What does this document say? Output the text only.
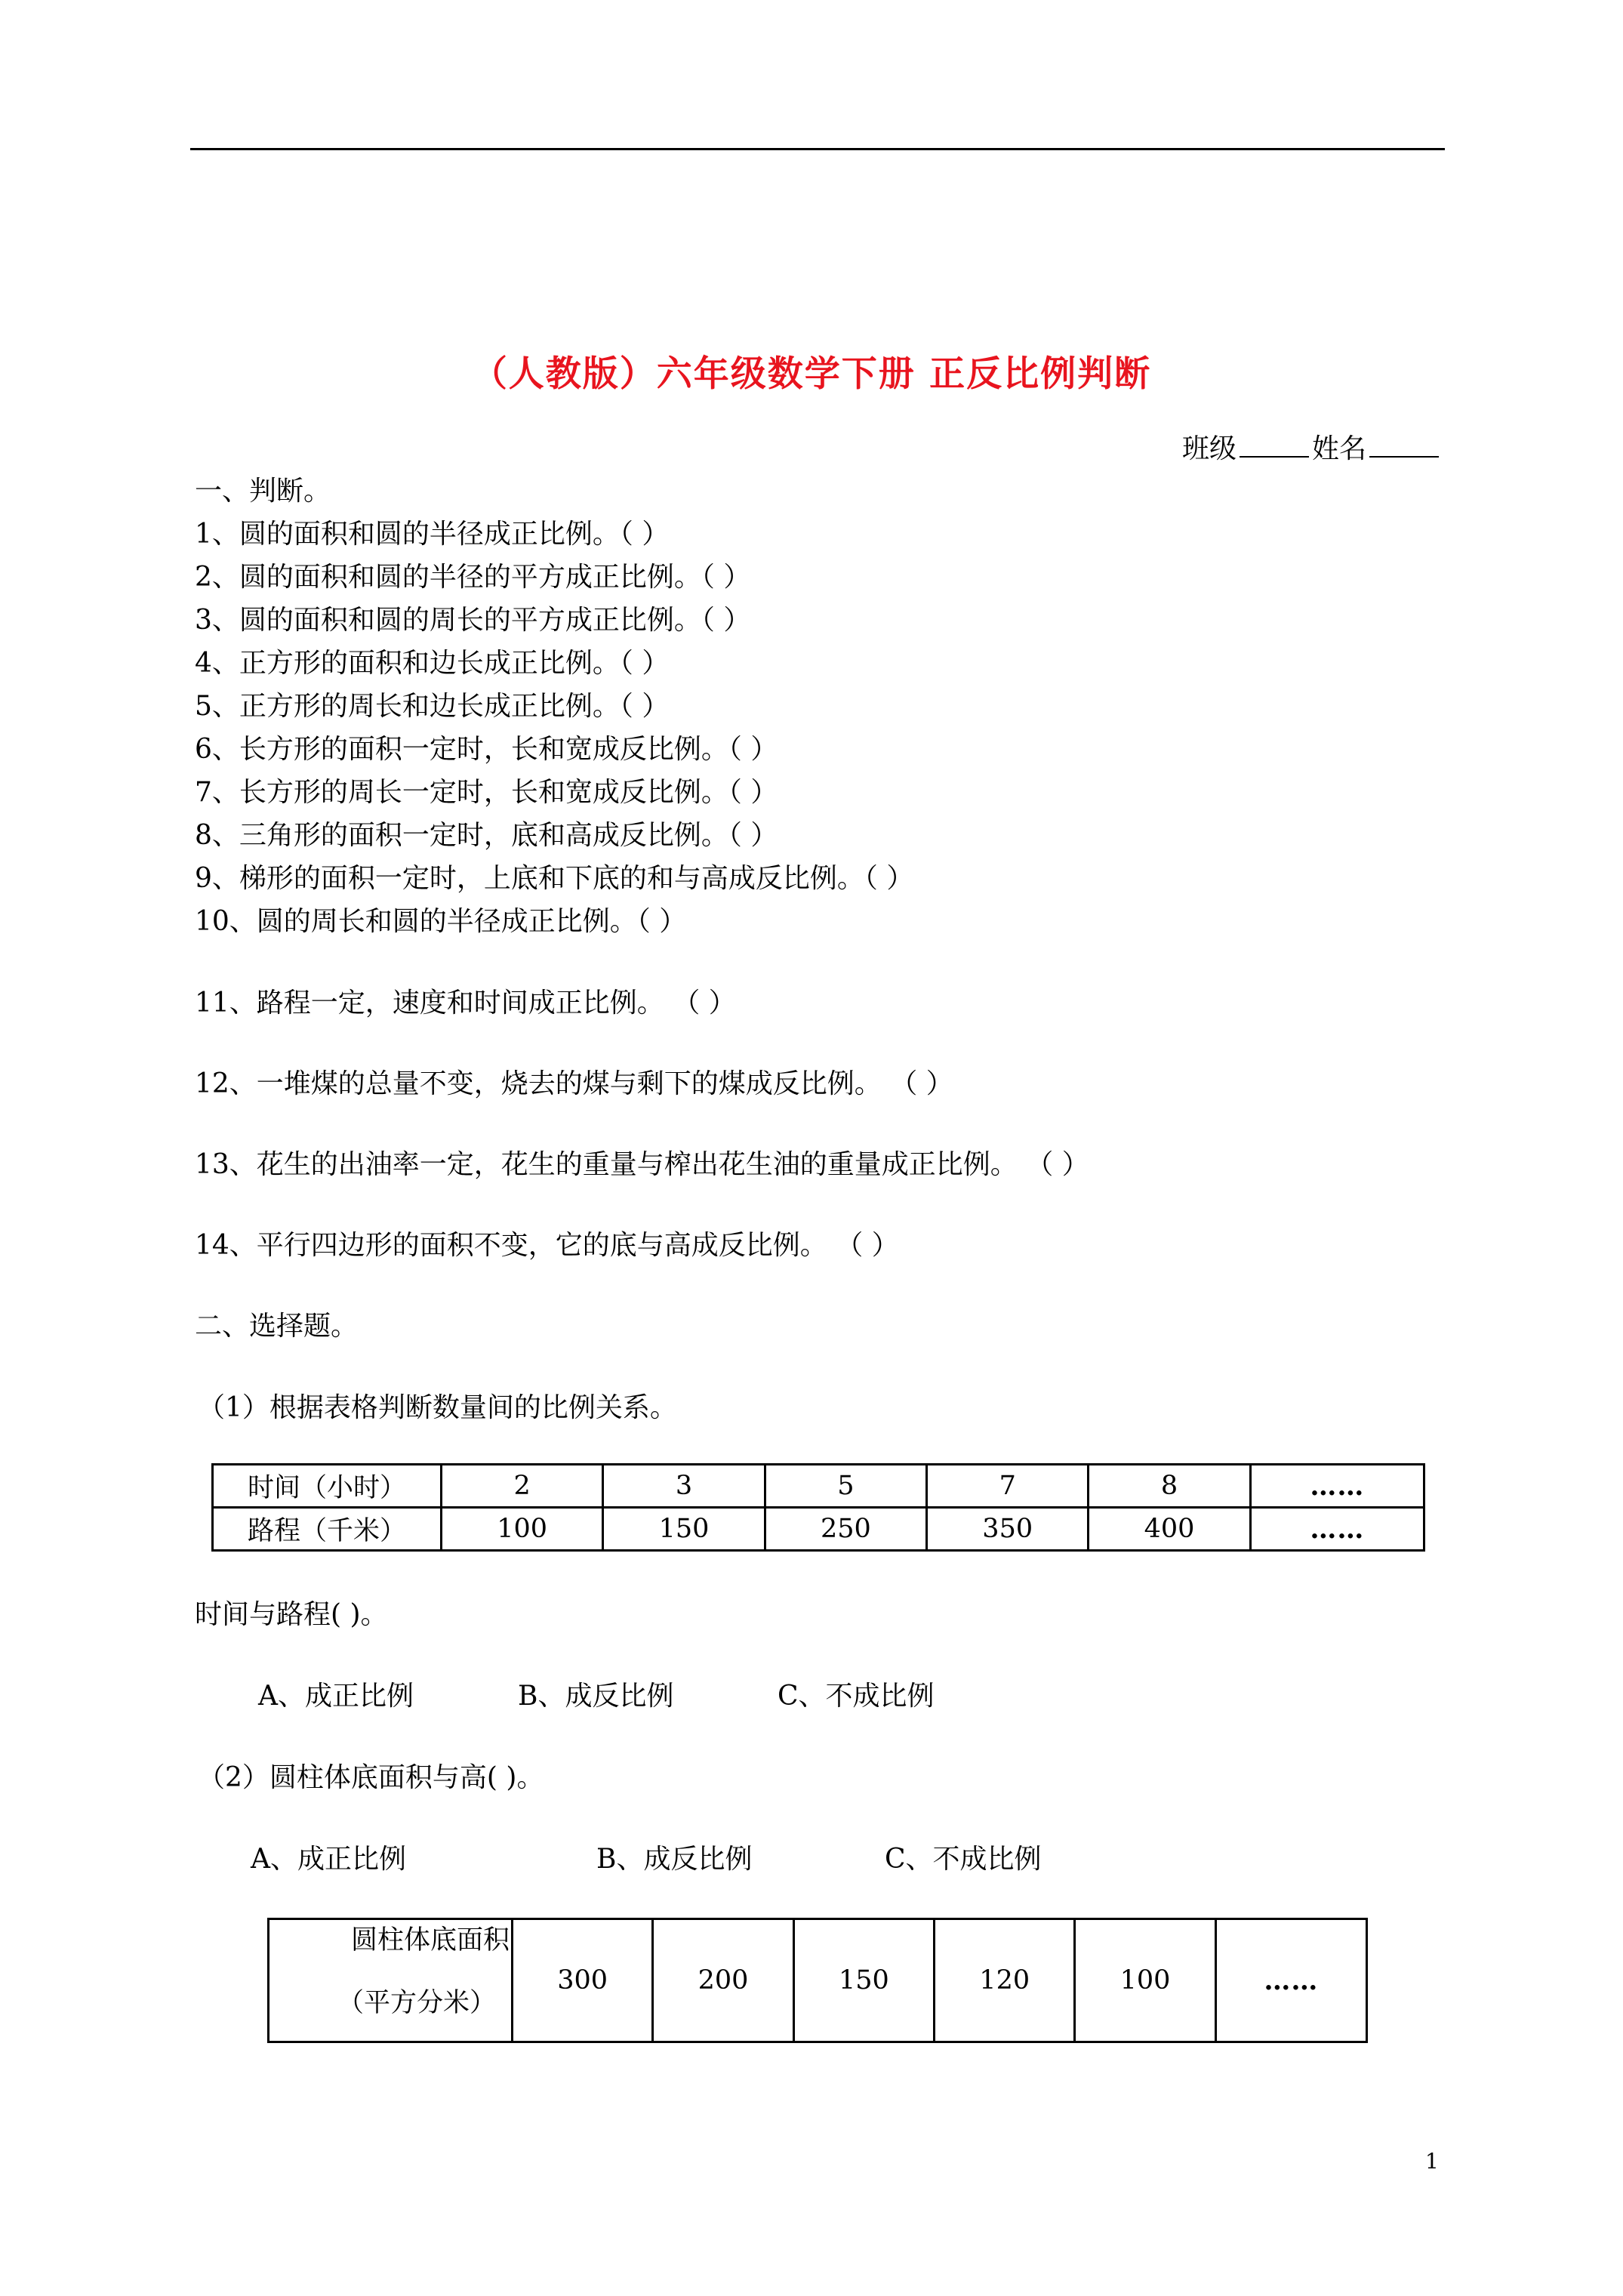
（人教版）六年级数学下册 正反比例判断
班级	姓名
一、判断。
1、圆的面积和圆的半径成正比例。（ ）
2、圆的面积和圆的半径的平方成正比例。（ ）
3、圆的面积和圆的周长的平方成正比例。（ ）
4、正方形的面积和边长成正比例。（ ）
5、正方形的周长和边长成正比例。（ ）
6、长方形的面积一定时，长和宽成反比例。（ ）
7、长方形的周长一定时，长和宽成反比例。（ ）
8、三角形的面积一定时，底和高成反比例。（ ）
9、梯形的面积一定时，上底和下底的和与高成反比例。（ ）
10、圆的周长和圆的半径成正比例。（ ）
11、路程一定，速度和时间成正比例。 （ ）
12、一堆煤的总量不变，烧去的煤与剩下的煤成反比例。 （ ）
13、花生的出油率一定，花生的重量与榨出花生油的重量成正比例。 （ ）
14、平行四边形的面积不变，它的底与高成反比例。 （ ）
二、选择题。
（1）根据表格判断数量间的比例关系。
时间（小时）	2	3	5	7	8	……
路程（千米）	100	150	250	350	400	……
时间与路程( )。
A、成正比例	B、成反比例	C、不成比例
（2）圆柱体底面积与高( )。
A、成正比例	B、成反比例	C、不成比例
圆柱体底面积
（平方分米）
	300	200	150	120	100	……
1
